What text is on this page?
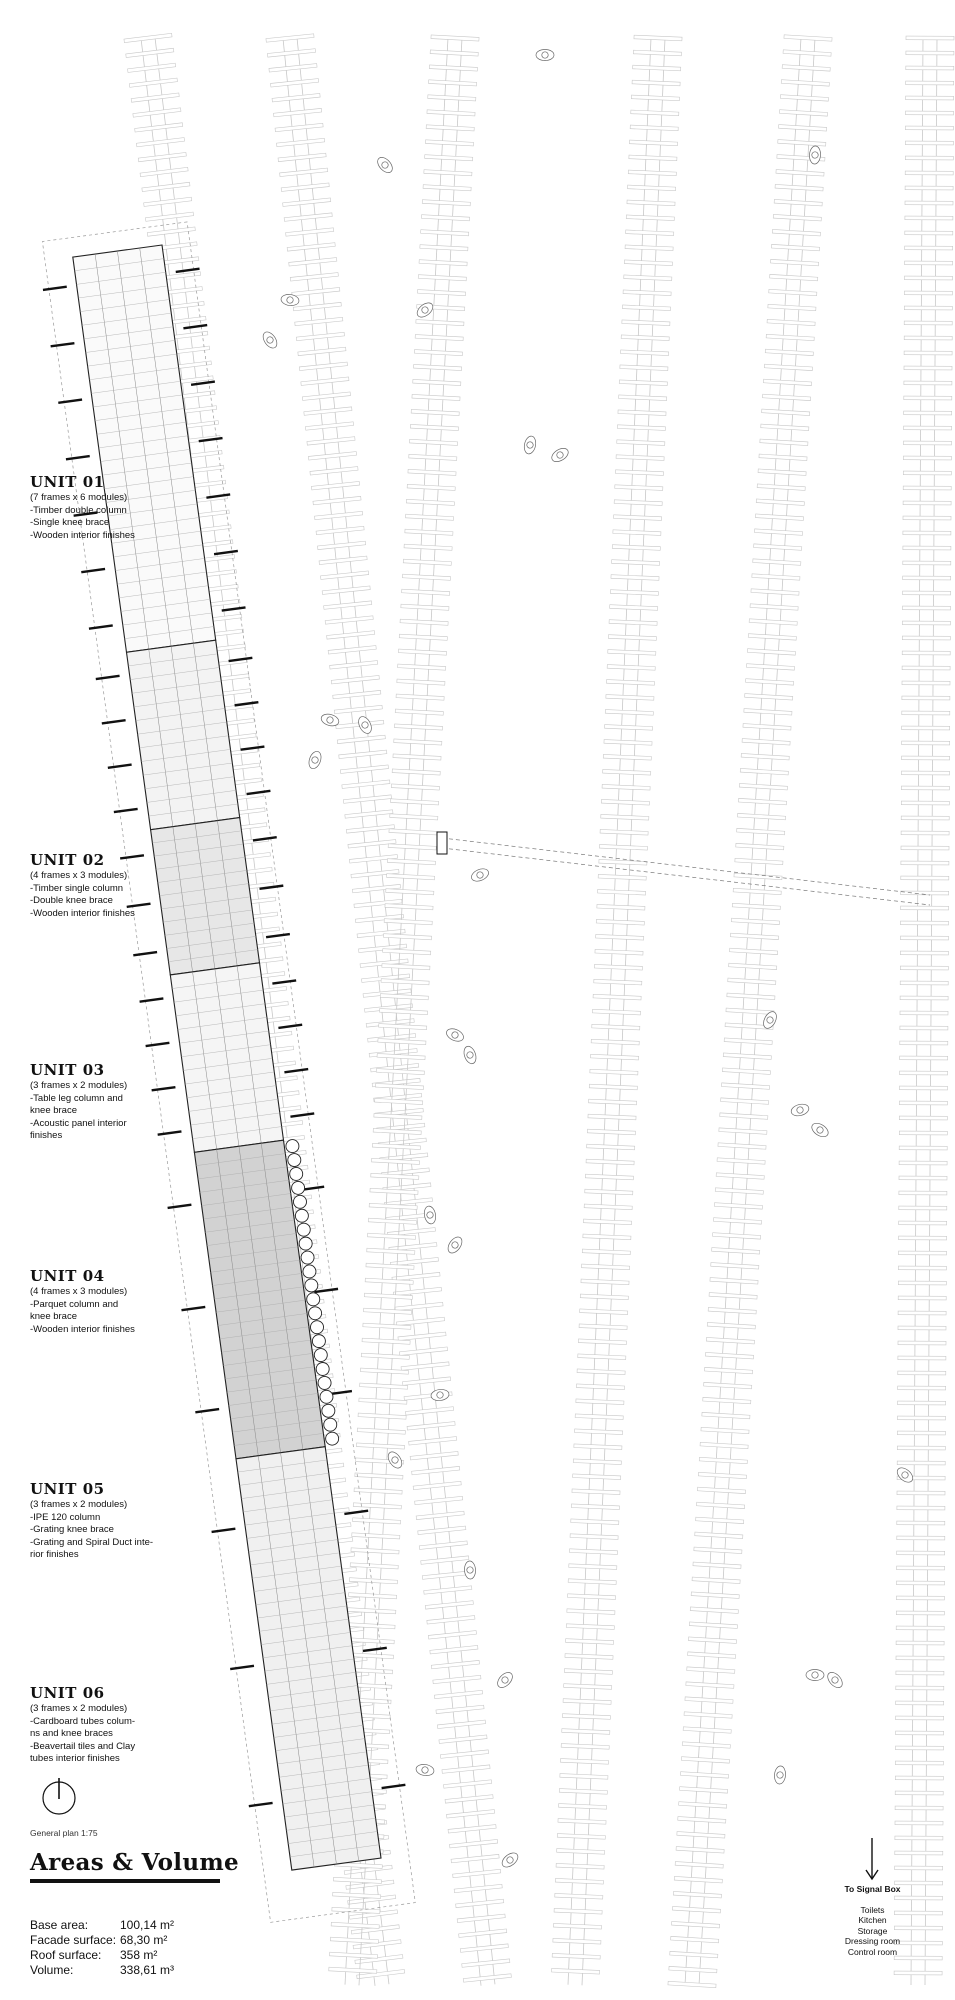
UNIT 01
(7 frames x 6 modules)
-Timber double column
-Single knee brace
-Wooden interior finishes
UNIT 02
(4 frames x 3 modules)
-Timber single column
-Double knee brace
-Wooden interior finishes
UNIT 03
(3 frames x 2 modules)
-Table leg column and
knee brace
-Acoustic panel interior
finishes
UNIT 04
(4 frames x 3 modules)
-Parquet column and
knee brace
-Wooden interior finishes
UNIT 05
(3 frames x 2 modules)
-IPE 120 column
-Grating knee brace
-Grating and Spiral Duct inte-
rior finishes
UNIT 06
(3 frames x 2 modules)
-Cardboard tubes colum-
ns and knee braces
-Beavertail tiles and Clay
tubes interior finishes
General plan 1:75
Areas & Volume
Base area:	100,14 m²
Facade surface: 68,30 m²
Roof surface:	358 m²
Volume:	338,61 m³
To Signal Box
Toilets
Kitchen
Storage
Dressing room
Control room
